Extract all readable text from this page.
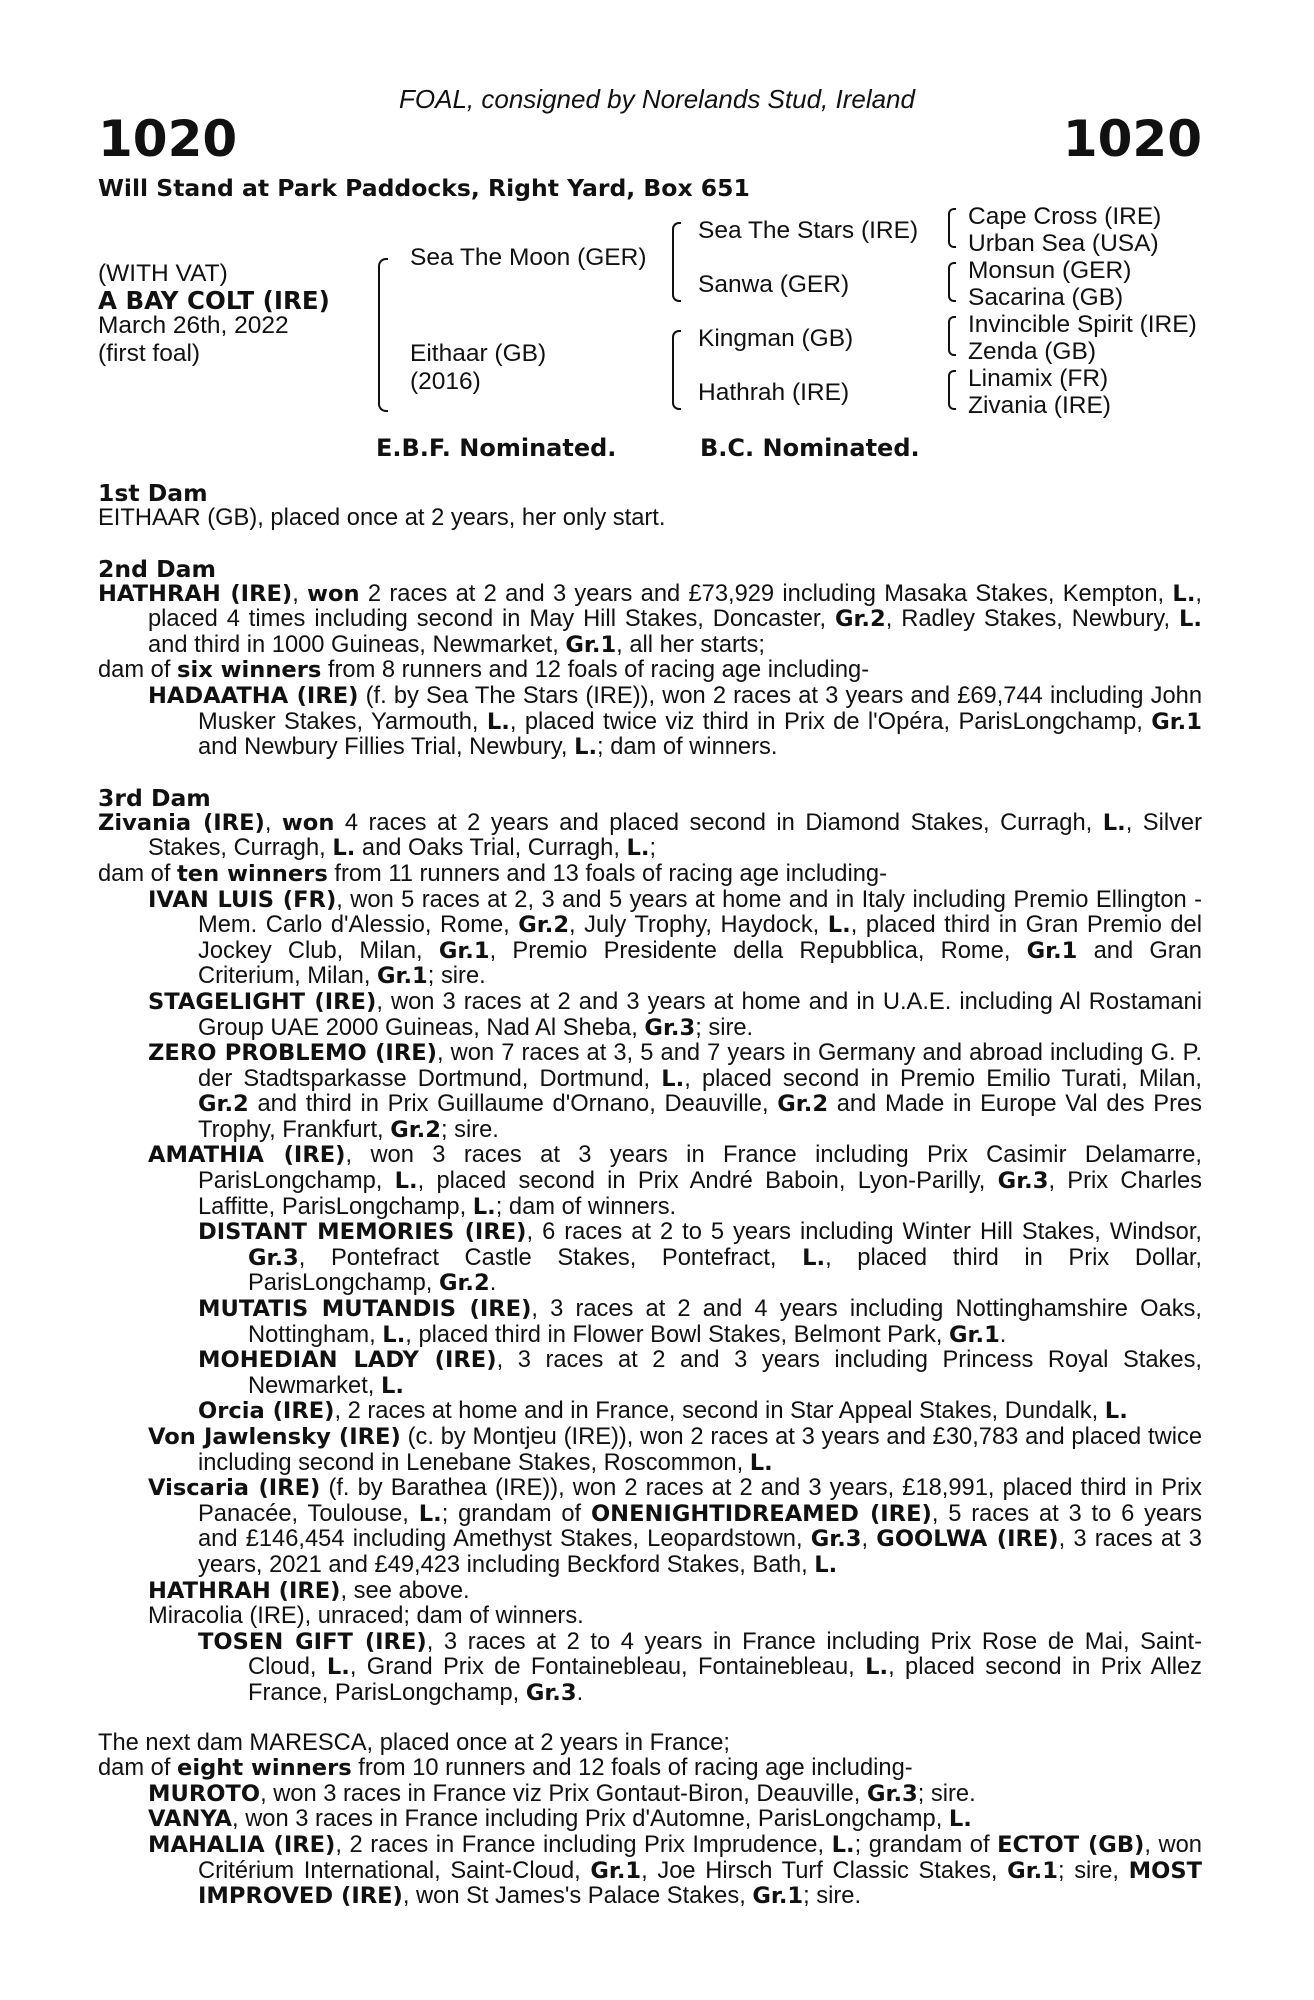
FOAL, consigned by Norelands Stud, Ireland
1020	1020
Will Stand at Park Paddocks, Right Yard, Box 651
(WITH VAT)
A BAY COLT (IRE)
March 26th, 2022
(first foal)
Sea The Moon (GER)
Eithaar (GB)
(2016)
Sea The Stars (IRE)
Sanwa (GER)
Kingman (GB)
Hathrah (IRE)
Cape Cross (IRE)
Urban Sea (USA)
Monsun (GER)
Sacarina (GB)
Invincible Spirit (IRE)
Zenda (GB)
Linamix (FR)
Zivania (IRE)
E.B.F. Nominated.	B.C. Nominated.
1st Dam
EITHAAR (GB), placed once at 2 years, her only start.
2nd Dam
HATHRAH (IRE), won 2 races at 2 and 3 years and £73,929 including Masaka Stakes, Kempton, L., placed 4 times including second in May Hill Stakes, Doncaster, Gr.2, Radley Stakes, Newbury, L. and third in 1000 Guineas, Newmarket, Gr.1, all her starts;
dam of six winners from 8 runners and 12 foals of racing age including-
HADAATHA (IRE) (f. by Sea The Stars (IRE)), won 2 races at 3 years and £69,744 including John Musker Stakes, Yarmouth, L., placed twice viz third in Prix de l'Opéra, ParisLongchamp, Gr.1 and Newbury Fillies Trial, Newbury, L.; dam of winners.
3rd Dam
Zivania (IRE), won 4 races at 2 years and placed second in Diamond Stakes, Curragh, L., Silver Stakes, Curragh, L. and Oaks Trial, Curragh, L.;
dam of ten winners from 11 runners and 13 foals of racing age including-
IVAN LUIS (FR), won 5 races at 2, 3 and 5 years at home and in Italy including Premio Ellington - Mem. Carlo d'Alessio, Rome, Gr.2, July Trophy, Haydock, L., placed third in Gran Premio del Jockey Club, Milan, Gr.1, Premio Presidente della Repubblica, Rome, Gr.1 and Gran Criterium, Milan, Gr.1; sire.
STAGELIGHT (IRE), won 3 races at 2 and 3 years at home and in U.A.E. including Al Rostamani Group UAE 2000 Guineas, Nad Al Sheba, Gr.3; sire.
ZERO PROBLEMO (IRE), won 7 races at 3, 5 and 7 years in Germany and abroad including G. P. der Stadtsparkasse Dortmund, Dortmund, L., placed second in Premio Emilio Turati, Milan, Gr.2 and third in Prix Guillaume d'Ornano, Deauville, Gr.2 and Made in Europe Val des Pres Trophy, Frankfurt, Gr.2; sire.
AMATHIA (IRE), won 3 races at 3 years in France including Prix Casimir Delamarre, ParisLongchamp, L., placed second in Prix André Baboin, Lyon-Parilly, Gr.3, Prix Charles Laffitte, ParisLongchamp, L.; dam of winners.
DISTANT MEMORIES (IRE), 6 races at 2 to 5 years including Winter Hill Stakes, Windsor, Gr.3, Pontefract Castle Stakes, Pontefract, L., placed third in Prix Dollar, ParisLongchamp, Gr.2.
MUTATIS MUTANDIS (IRE), 3 races at 2 and 4 years including Nottinghamshire Oaks, Nottingham, L., placed third in Flower Bowl Stakes, Belmont Park, Gr.1.
MOHEDIAN LADY (IRE), 3 races at 2 and 3 years including Princess Royal Stakes, Newmarket, L.
Orcia (IRE), 2 races at home and in France, second in Star Appeal Stakes, Dundalk, L.
Von Jawlensky (IRE) (c. by Montjeu (IRE)), won 2 races at 3 years and £30,783 and placed twice including second in Lenebane Stakes, Roscommon, L.
Viscaria (IRE) (f. by Barathea (IRE)), won 2 races at 2 and 3 years, £18,991, placed third in Prix Panacée, Toulouse, L.; grandam of ONENIGHTIDREAMED (IRE), 5 races at 3 to 6 years and £146,454 including Amethyst Stakes, Leopardstown, Gr.3, GOOLWA (IRE), 3 races at 3 years, 2021 and £49,423 including Beckford Stakes, Bath, L.
HATHRAH (IRE), see above.
Miracolia (IRE), unraced; dam of winners.
TOSEN GIFT (IRE), 3 races at 2 to 4 years in France including Prix Rose de Mai, Saint-Cloud, L., Grand Prix de Fontainebleau, Fontainebleau, L., placed second in Prix Allez France, ParisLongchamp, Gr.3.
The next dam MARESCA, placed once at 2 years in France;
dam of eight winners from 10 runners and 12 foals of racing age including-
MUROTO, won 3 races in France viz Prix Gontaut-Biron, Deauville, Gr.3; sire.
VANYA, won 3 races in France including Prix d'Automne, ParisLongchamp, L.
MAHALIA (IRE), 2 races in France including Prix Imprudence, L.; grandam of ECTOT (GB), won Critérium International, Saint-Cloud, Gr.1, Joe Hirsch Turf Classic Stakes, Gr.1; sire, MOST IMPROVED (IRE), won St James's Palace Stakes, Gr.1; sire.
